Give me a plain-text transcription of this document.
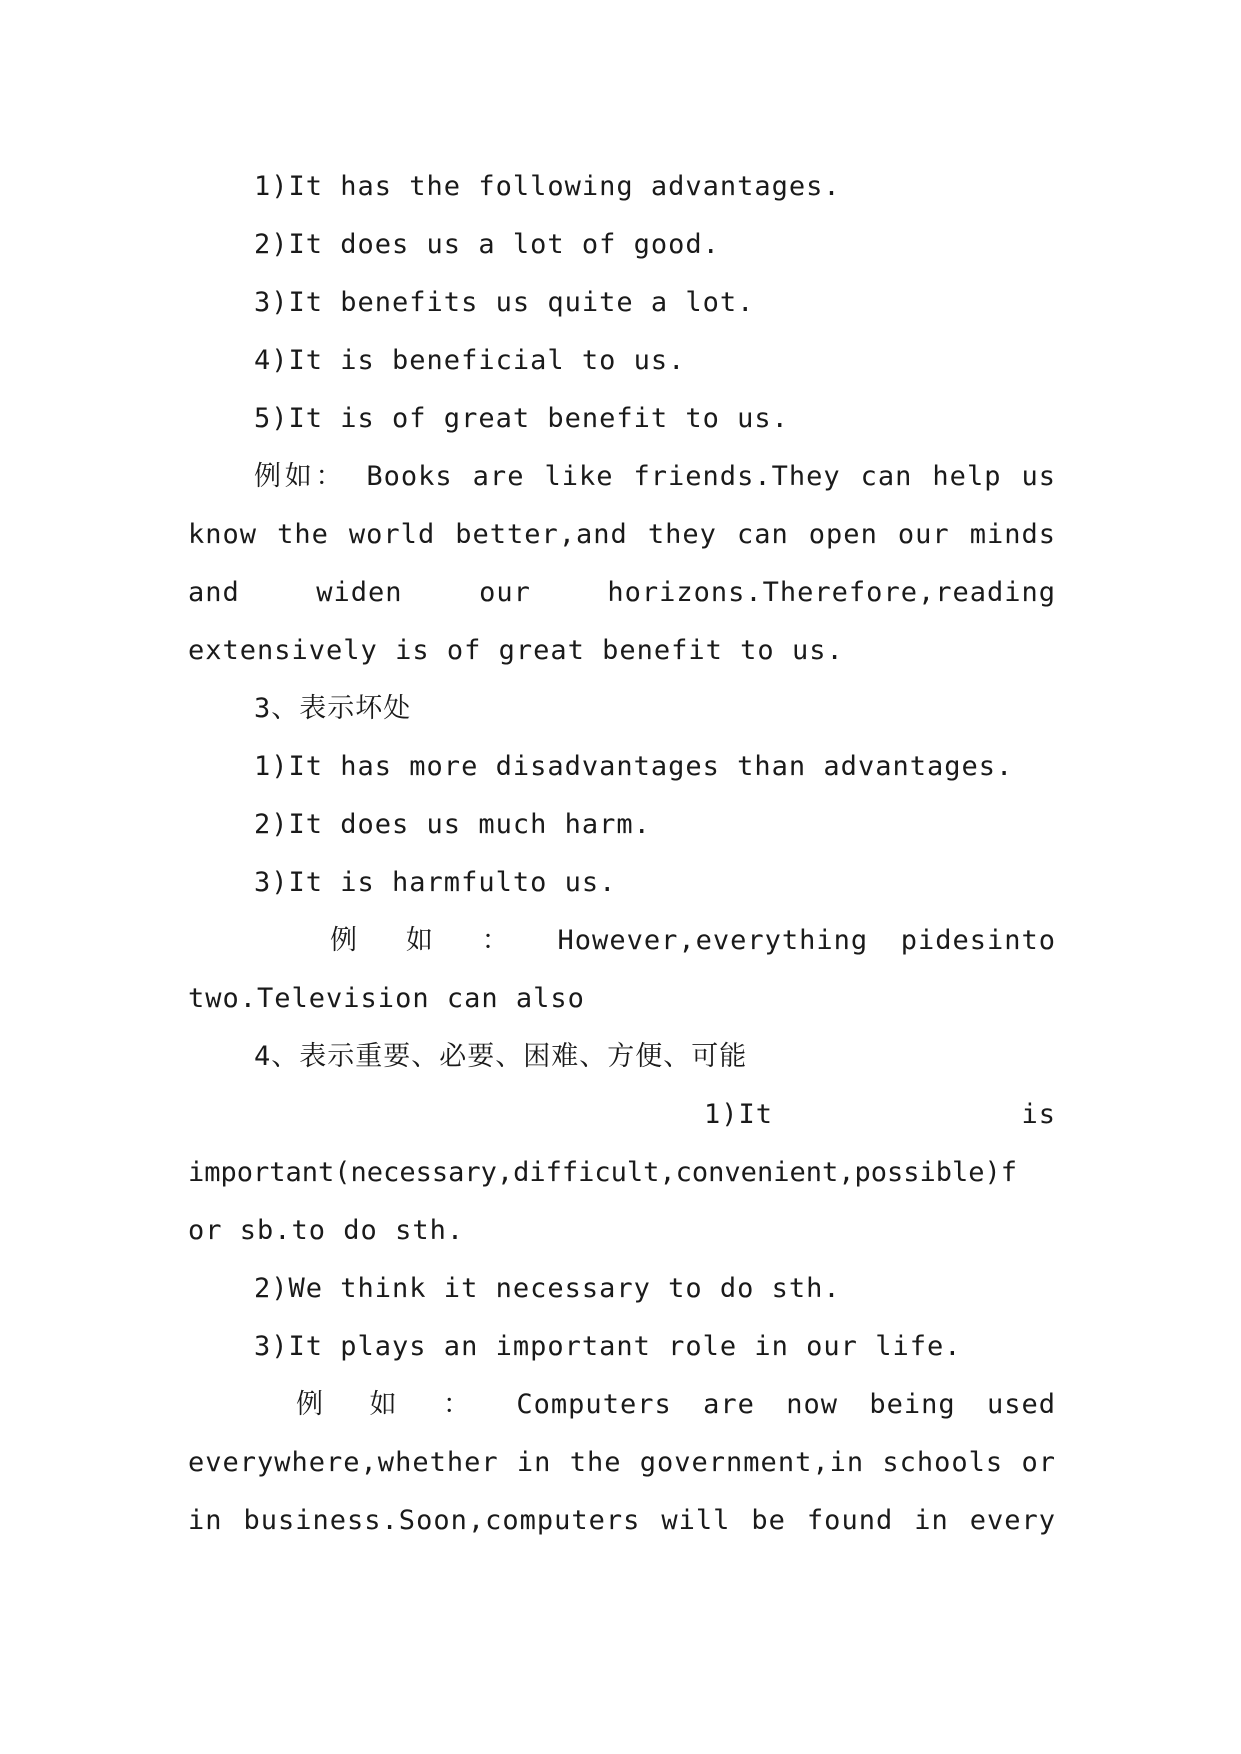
1)It has the following advantages.
2)It does us a lot of good.
3)It benefits us quite a lot.
4)It is beneficial to us.
5)It is of great benefit to us.
例如： Books are like friends.They can help us
know the world better,and they can open our minds
and widen our horizons.Therefore,reading
extensively is of great benefit to us.
3、表示坏处
1)It has more disadvantages than advantages.
2)It does us much harm.
3)It is harmfulto us.
例 如 ： However,everything pidesinto
two.Television can also
4、表示重要、必要、困难、方便、可能
1)It is
important(necessary,difficult,convenient,possible)f
or sb.to do sth.
2)We think it necessary to do sth.
3)It plays an important role in our life.
例 如 ： Computers are now being used
everywhere,whether in the government,in schools or
in business.Soon,computers will be found in every
